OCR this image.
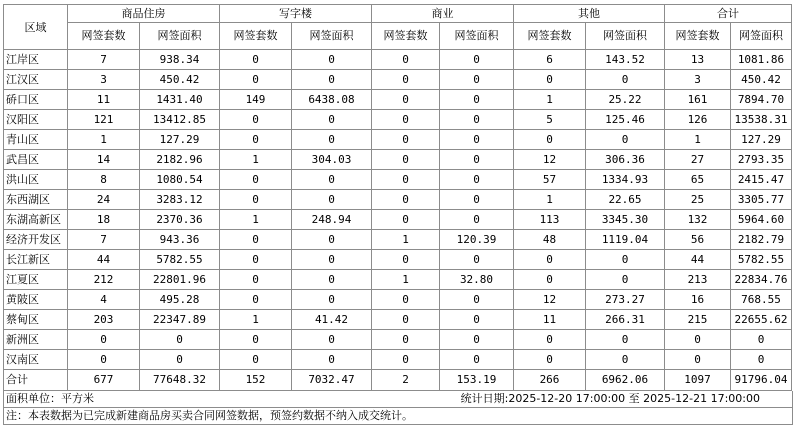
区域	商品住房		写字楼		商业		其他		合计	
	网签套数	网签面积	网签套数	网签面积	网签套数	网签面积	网签套数	网签面积	网签套数	网签面积
江岸区	7	938.34	0	0	0	0	6	143.52	13	1081.86
江汉区	3	450.42	0	0	0	0	0	0	3	450.42
硚口区	11	1431.40	149	6438.08	0	0	1	25.22	161	7894.70
汉阳区	121	13412.85	0	0	0	0	5	125.46	126	13538.31
青山区	1	127.29	0	0	0	0	0	0	1	127.29
武昌区	14	2182.96	1	304.03	0	0	12	306.36	27	2793.35
洪山区	8	1080.54	0	0	0	0	57	1334.93	65	2415.47
东西湖区	24	3283.12	0	0	0	0	1	22.65	25	3305.77
东湖高新区	18	2370.36	1	248.94	0	0	113	3345.30	132	5964.60
经济开发区	7	943.36	0	0	1	120.39	48	1119.04	56	2182.79
长江新区	44	5782.55	0	0	0	0	0	0	44	5782.55
江夏区	212	22801.96	0	0	1	32.80	0	0	213	22834.76
黄陂区	4	495.28	0	0	0	0	12	273.27	16	768.55
蔡甸区	203	22347.89	1	41.42	0	0	11	266.31	215	22655.62
新洲区	0	0	0	0	0	0	0	0	0	0
汉南区	0	0	0	0	0	0	0	0	0	0
合计	677	77648.32	152	7032.47	2	153.19	266	6962.06	1097	91796.04
面积单位：平方米	统计日期:2025-12-20 17:00:00 至 2025-12-21 17:00:00
注：本表数据为已完成新建商品房买卖合同网签数据，预签约数据不纳入成交统计。
